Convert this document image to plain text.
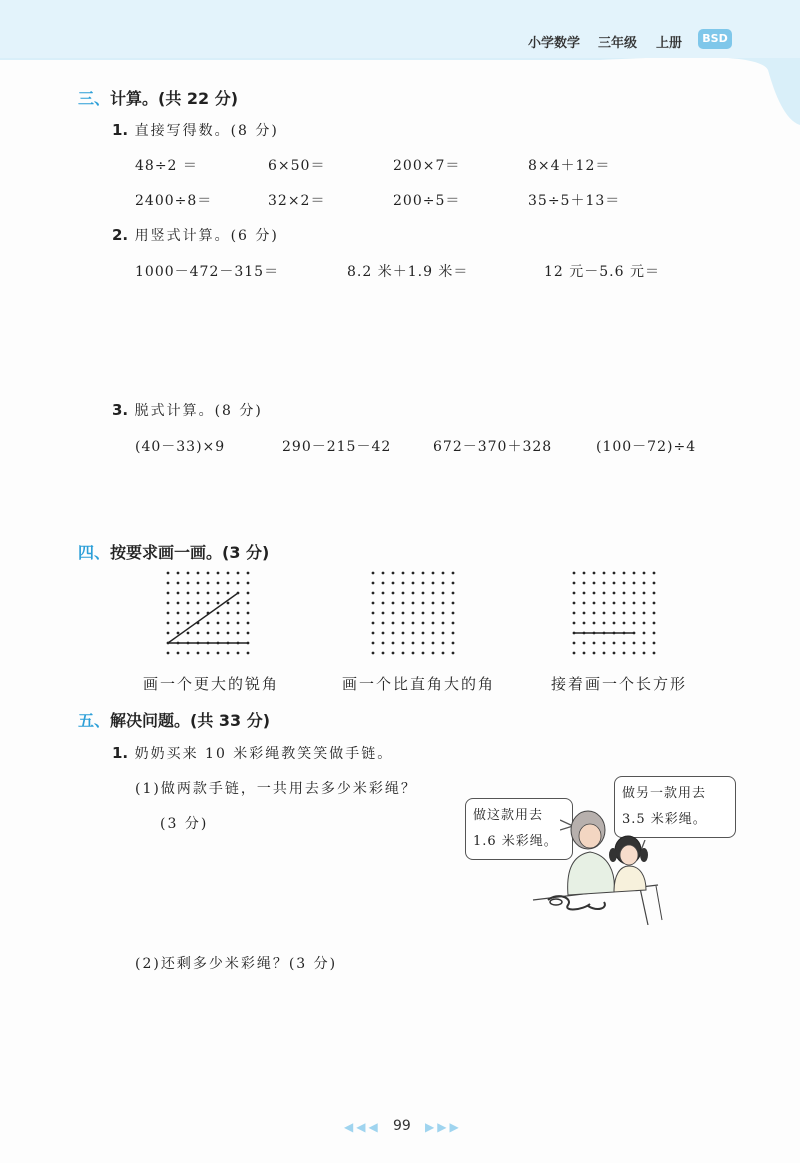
小学数学 三年级 上册	BSD
三、计算。(共 22 分)
1. 直接写得数。(8 分)
48÷2 ＝	6×50＝	200×7＝	8×4＋12＝
2400÷8＝	32×2＝	200÷5＝	35÷5＋13＝
2. 用竖式计算。(6 分)
1000－472－315＝	8.2 米＋1.9 米＝	12 元－5.6 元＝
3. 脱式计算。(8 分)
(40－33)×9	290－215－42	672－370＋328	(100－72)÷4
四、按要求画一画。(3 分)
画一个更大的锐角	画一个比直角大的角	接着画一个长方形
五、解决问题。(共 33 分)
1. 奶奶买来 10 米彩绳教笑笑做手链。
(1)做两款手链，一共用去多少米彩绳？
(3 分)
(2)还剩多少米彩绳？(3 分)
做这款用去
1.6 米彩绳。
做另一款用去
3.5 米彩绳。
◀◀◀ 99 ▶▶▶
